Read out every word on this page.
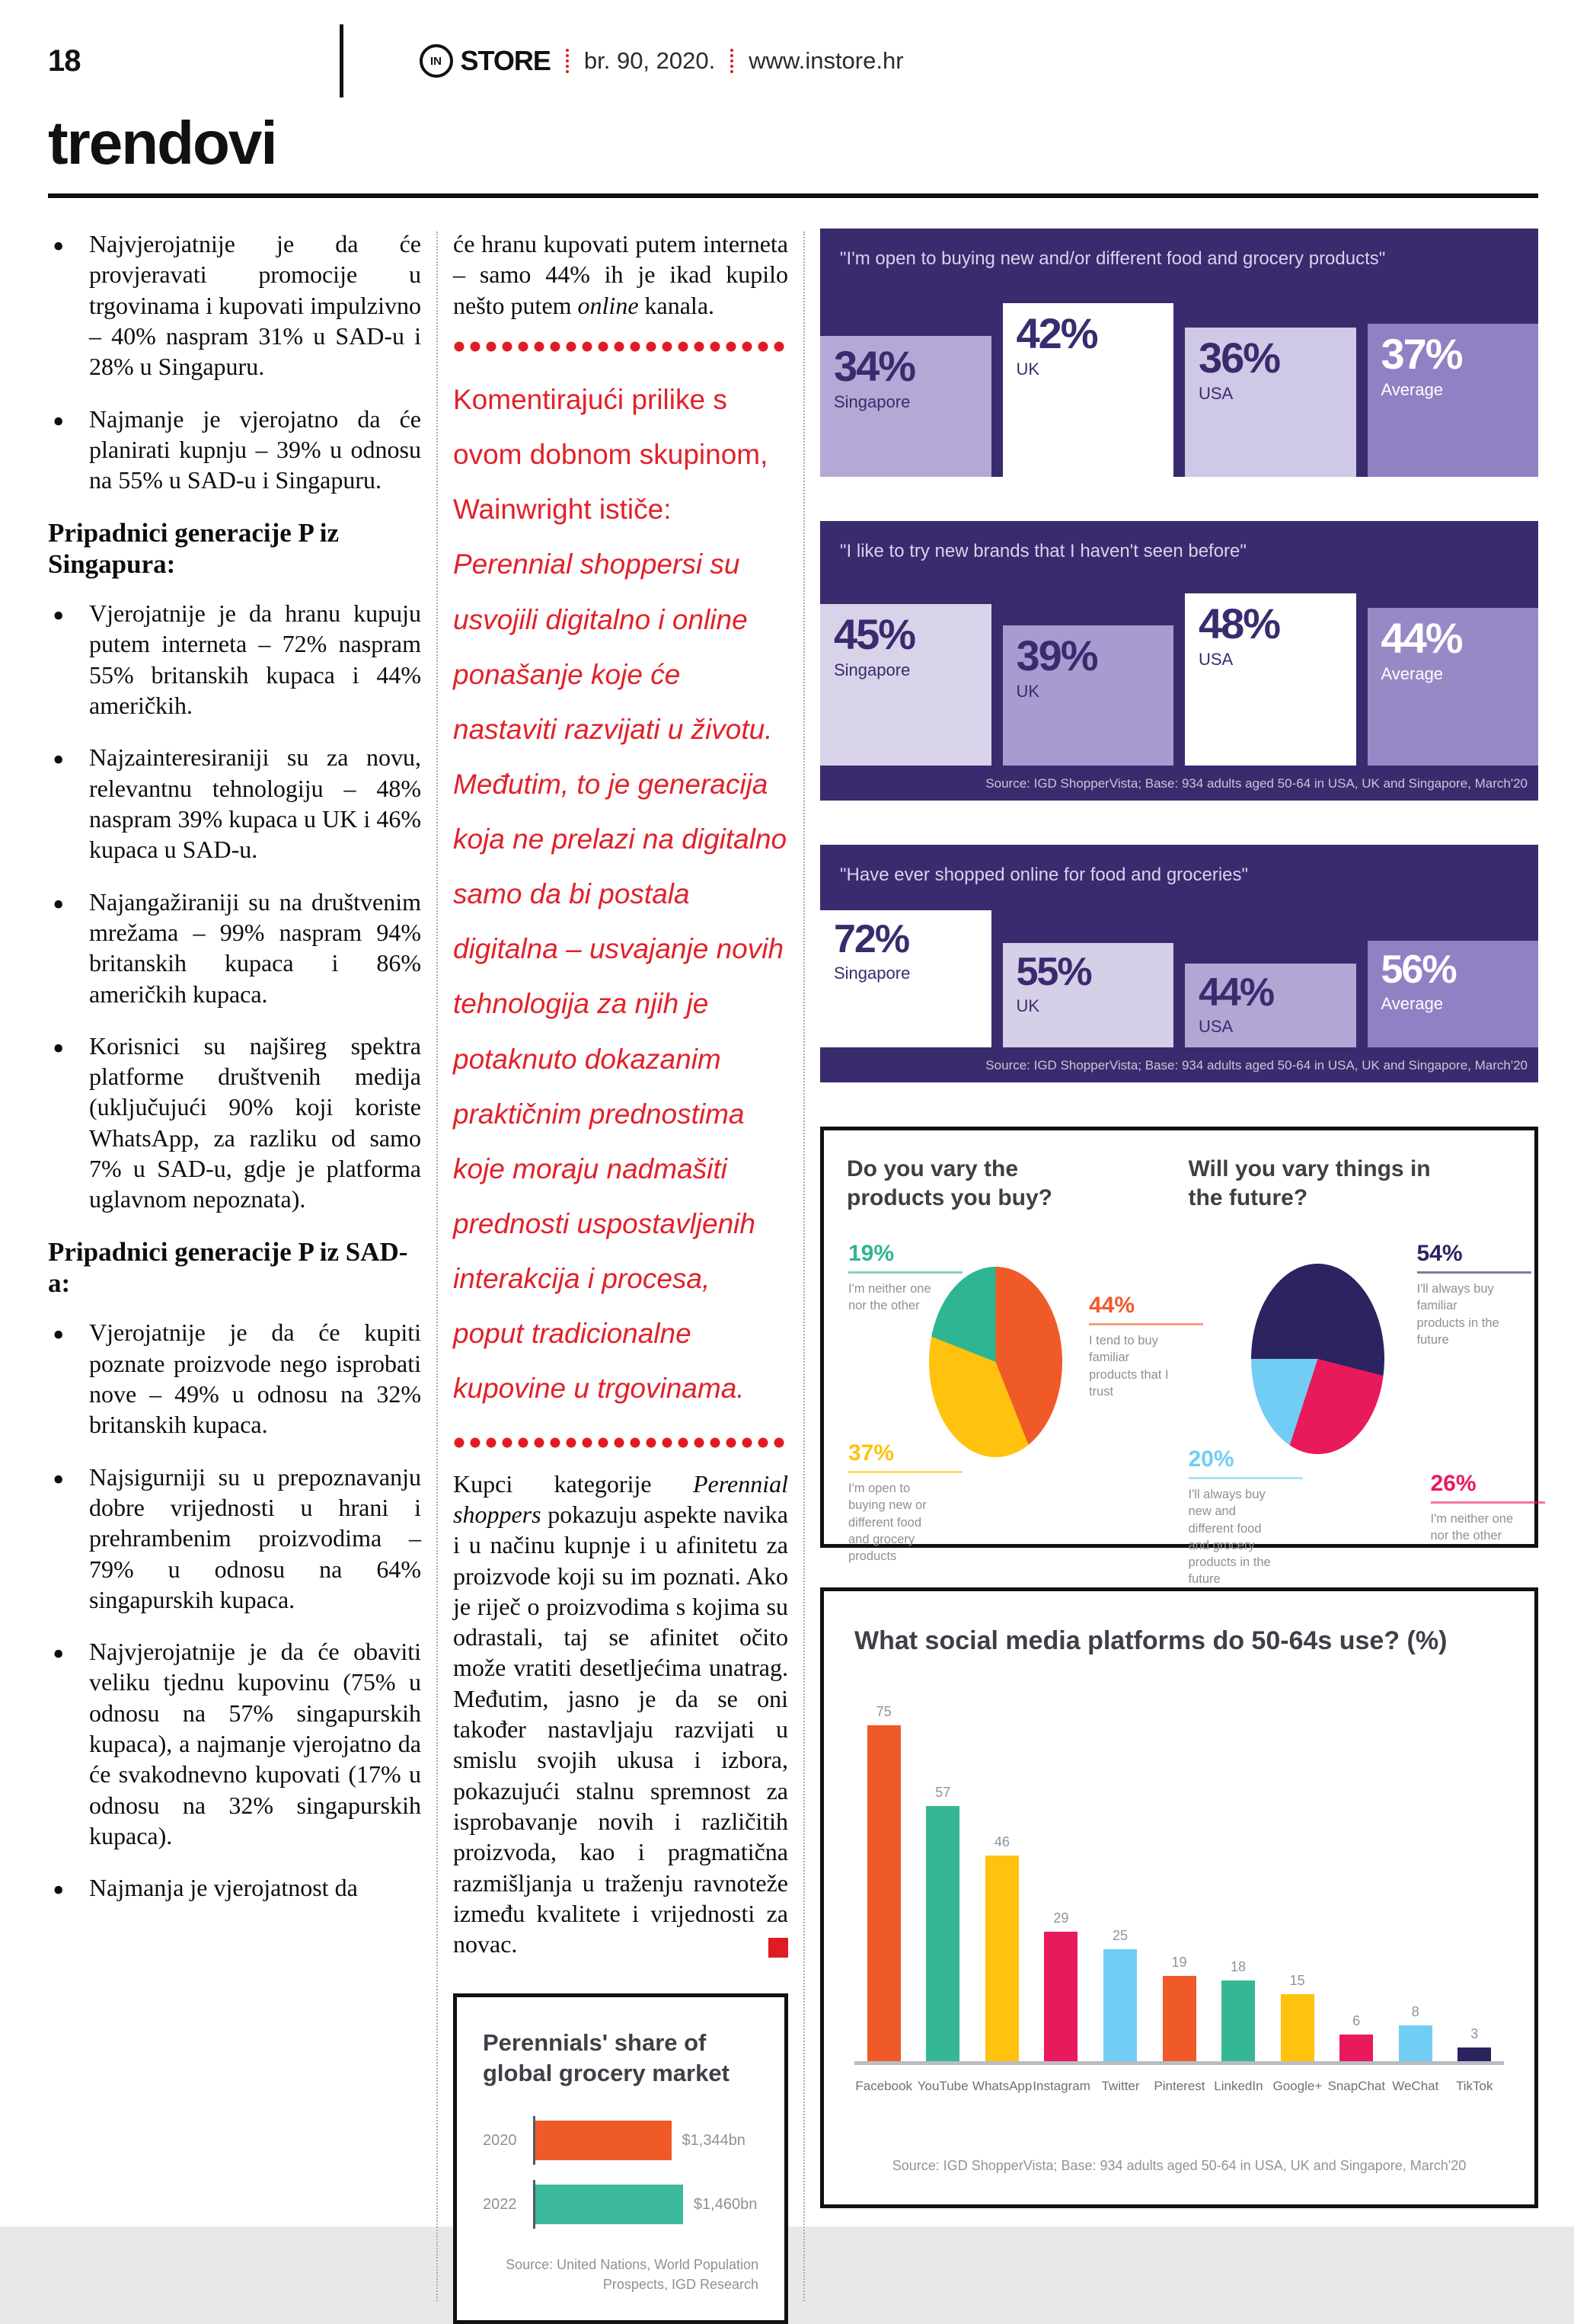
18	IN STORE br. 90, 2020. www.instore.hr
trendovi
• Najvjerojatnije je da će provjeravati promocije u trgovinama i kupovati impulzivno – 40% naspram 31% u SAD-u i 28% u Singapuru.
• Najmanje je vjerojatno da će planirati kupnju – 39% u odnosu na 55% u SAD-u i Singapuru.
Pripadnici generacije P iz Singapura:
• Vjerojatnije je da hranu kupuju putem interneta – 72% naspram 55% britanskih kupaca i 44% američkih.
• Najzainteresiraniji su za novu, relevantnu tehnologiju – 48% naspram 39% kupaca u UK i 46% kupaca u SAD-u.
• Najangažiraniji su na društvenim mrežama – 99% naspram 94% britanskih kupaca i 86% američkih kupaca.
• Korisnici su najšireg spektra platforme društvenih medija (uključujući 90% koji koriste WhatsApp, za razliku od samo 7% u SAD-u, gdje je platforma uglavnom nepoznata).
Pripadnici generacije P iz SAD-a:
• Vjerojatnije je da će kupiti poznate proizvode nego isprobati nove – 49% u odnosu na 32% britanskih kupaca.
• Najsigurniji su u prepoznavanju dobre vrijednosti u hrani i prehrambenim proizvodima – 79% u odnosu na 64% singapurskih kupaca.
• Najvjerojatnije je da će obaviti veliku tjednu kupovinu (75% u odnosu na 57% singapurskih kupaca), a najmanje vjerojatno da će svakodnevno kupovati (17% u odnosu na 32% singapurskih kupaca).
• Najmanja je vjerojatnost da

će hranu kupovati putem interneta – samo 44% ih je ikad kupilo nešto putem online kanala.

Komentirajući prilike s ovom dobnom skupinom, Wainwright ističe: Perennial shoppersi su usvojili digitalno i online ponašanje koje će nastaviti razvijati u životu. Međutim, to je generacija koja ne prelazi na digitalno samo da bi postala digitalna – usvajanje novih tehnologija za njih je potaknuto dokazanim praktičnim prednostima koje moraju nadmašiti prednosti uspostavljenih interakcija i procesa, poput tradicionalne kupovine u trgovinama.

Kupci kategorije Perennial shoppers pokazuju aspekte navika i u načinu kupnje i u afinitetu za proizvode koji su im poznati. Ako je riječ o proizvodima s kojima su odrastali, taj se afinitet očito može vratiti desetljećima unatrag. Međutim, jasno je da se oni također nastavljaju razvijati u smislu svojih ukusa i izbora, pokazujući stalnu spremnost za isprobavanje novih i različitih proizvoda, kao i pragmatična razmišljanja u traženju ravnoteže između kvalitete i vrijednosti za novac.

Perennials' share of global grocery market
2020	$1,344bn
2022	$1,460bn
Source: United Nations, World Population Prospects, IGD Research
"I'm open to buying new and/or different food and grocery products"
34%
Singapore
42%
UK	36%
USA
37%
Average
"I like to try new brands that I haven't seen before"
45%
Singapore 39%
UK
48%
USA	44%
Average
Source: IGD ShopperVista; Base: 934 adults aged 50-64 in USA, UK and Singapore, March'20
"Have ever shopped online for food and groceries"
72%
Singapore	55%
UK	44%
USA
56%
Average
Source: IGD ShopperVista; Base: 934 adults aged 50-64 in USA, UK and Singapore, March'20
Do you vary the products you buy?
19%
I'm neither one nor the other	44%
I tend to buy familiar products that I trust
37%
I'm open to buying new or different food and grocery products
Will you vary things in the future?
54%
I'll always buy familiar products in the future
20%
I'll always buy new and different food and grocery products in the future
26%
I'm neither one nor the other
What social media platforms do 50-64s use? (%)
75
57
46
29
25
19	18
15
6
8
3
Facebook YouTube WhatsApp Instagram Twitter	Pinterest LinkedIn Google+ SnapChat WeChat	TikTok
Source: IGD ShopperVista; Base: 934 adults aged 50-64 in USA, UK and Singapore, March'20
